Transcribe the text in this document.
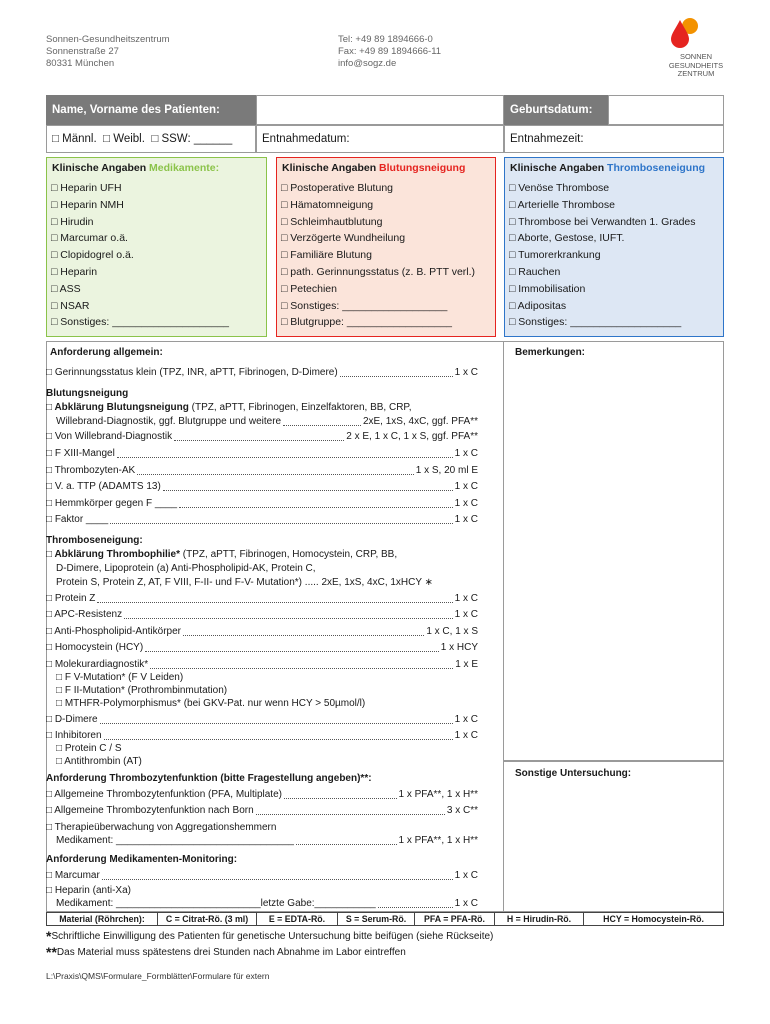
Sonnen-Gesundheitszentrum
Sonnenstraße 27
80331 München
Tel: +49 89 1894666-0
Fax: +49 89 1894666-11
info@sogz.de
SONNEN
GESUNDHEITS
ZENTRUM
Name, Vorname des Patienten:	Geburtsdatum:
□ Männl.  □ Weibl.  □ SSW: ______	Entnahmedatum:	Entnahmezeit:
Klinische Angaben Medikamente:
□ Heparin UFH
□ Heparin NMH
□ Hirudin
□ Marcumar o.ä.
□ Clopidogrel o.ä.
□ Heparin
□ ASS
□ NSAR
□ Sonstiges: ____________________
Klinische Angaben Blutungsneigung
□ Postoperative Blutung
□ Hämatomneigung
□ Schleimhautblutung
□ Verzögerte Wundheilung
□ Familiäre Blutung
□ path. Gerinnungsstatus (z. B. PTT verl.)
□ Petechien
□ Sonstiges: __________________
□ Blutgruppe: __________________
Klinische Angaben Thromboseneigung
□ Venöse Thrombose
□ Arterielle Thrombose
□ Thrombose bei Verwandten 1. Grades
□ Aborte, Gestose, IUFT.
□ Tumorerkrankung
□ Rauchen
□ Immobilisation
□ Adipositas
□ Sonstiges: ___________________
Bemerkungen:
Sonstige Untersuchung:
Anforderung allgemein:
□ Gerinnungsstatus klein (TPZ, INR, aPTT, Fibrinogen, D-Dimere)	1 x C
Blutungsneigung
□ Abklärung Blutungsneigung (TPZ, aPTT, Fibrinogen, Einzelfaktoren, BB, CRP,
Willebrand-Diagnostik, ggf. Blutgruppe und weitere	2xE, 1xS, 4xC, ggf. PFA**
□ Von Willebrand-Diagnostik	2 x E, 1 x C, 1 x S, ggf. PFA**
□ F XIII-Mangel	1 x C
□ Thrombozyten-AK	1 x S, 20 ml E
□ V. a. TTP (ADAMTS 13)	1 x C
□ Hemmkörper gegen F ____	1 x C
□ Faktor ____	1 x C
Thromboseneigung:
□ Abklärung Thrombophilie* (TPZ, aPTT, Fibrinogen, Homocystein, CRP, BB,
D-Dimere, Lipoprotein (a) Anti-Phospholipid-AK, Protein C,
Protein S, Protein Z, AT, F VIII, F-II- und F-V- Mutation*) ..... 2xE, 1xS, 4xC, 1xHCY ∗
□ Protein Z	1 x C
□ APC-Resistenz	1 x C
□ Anti-Phospholipid-Antikörper	1 x C, 1 x S
□ Homocystein (HCY)	1 x HCY
□ Molekurardiagnostik*	1 x E
□ F V-Mutation* (F V Leiden)
□ F II-Mutation* (Prothrombinmutation)
□ MTHFR-Polymorphismus* (bei GKV-Pat. nur wenn HCY > 50µmol/l)
□ D-Dimere	1 x C
□ Inhibitoren	1 x C
□ Protein C / S
□ Antithrombin (AT)
Anforderung Thrombozytenfunktion (bitte Fragestellung angeben)**:
□ Allgemeine Thrombozytenfunktion (PFA, Multiplate)	1 x PFA**, 1 x H**
□ Allgemeine Thrombozytenfunktion nach Born	3 x C**
□ Therapieüberwachung von Aggregationshemmern
Medikament: ________________________________	1 x PFA**, 1 x H**
Anforderung Medikamenten-Monitoring:
□ Marcumar	1 x C
□ Heparin (anti-Xa)
Medikament: __________________________letzte Gabe:___________	1 x C
Material (Röhrchen):	C = Citrat-Rö. (3 ml)	E = EDTA-Rö.	S = Serum-Rö.	PFA = PFA-Rö.	H = Hirudin-Rö.	HCY = Homocystein-Rö.
*Schriftliche Einwilligung des Patienten für genetische Untersuchung bitte beifügen (siehe Rückseite)
**Das Material muss spätestens drei Stunden nach Abnahme im Labor eintreffen
L:\Praxis\QMS\Formulare_Formblätter\Formulare für extern
